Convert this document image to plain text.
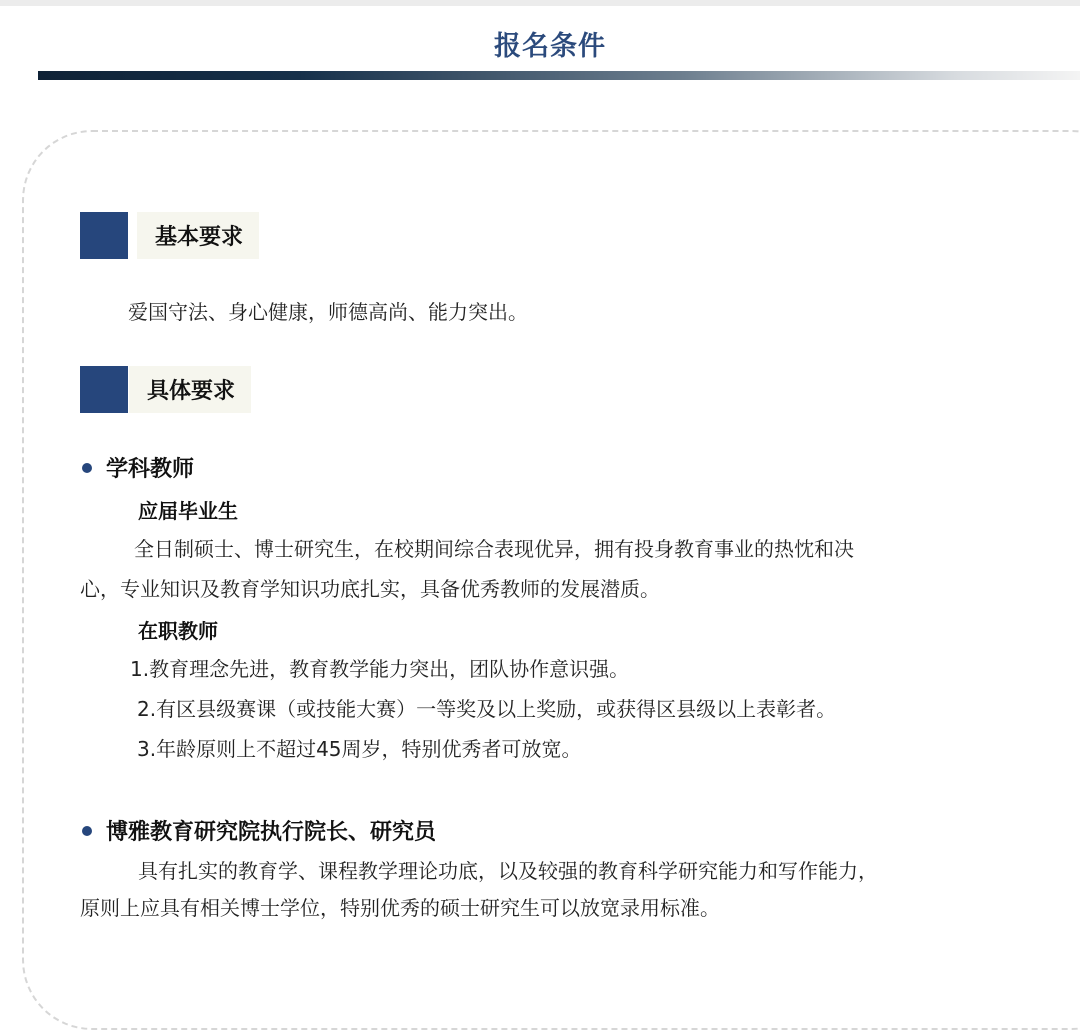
报名条件
基本要求
爱国守法、身心健康，师德高尚、能力突出。
具体要求
学科教师
应届毕业生
全日制硕士、博士研究生，在校期间综合表现优异，拥有投身教育事业的热忱和决
心，专业知识及教育学知识功底扎实，具备优秀教师的发展潜质。
在职教师
1.教育理念先进，教育教学能力突出，团队协作意识强。
2.有区县级赛课（或技能大赛）一等奖及以上奖励，或获得区县级以上表彰者。
3.年龄原则上不超过45周岁，特别优秀者可放宽。
博雅教育研究院执行院长、研究员
具有扎实的教育学、课程教学理论功底，以及较强的教育科学研究能力和写作能力，
原则上应具有相关博士学位，特别优秀的硕士研究生可以放宽录用标准。
